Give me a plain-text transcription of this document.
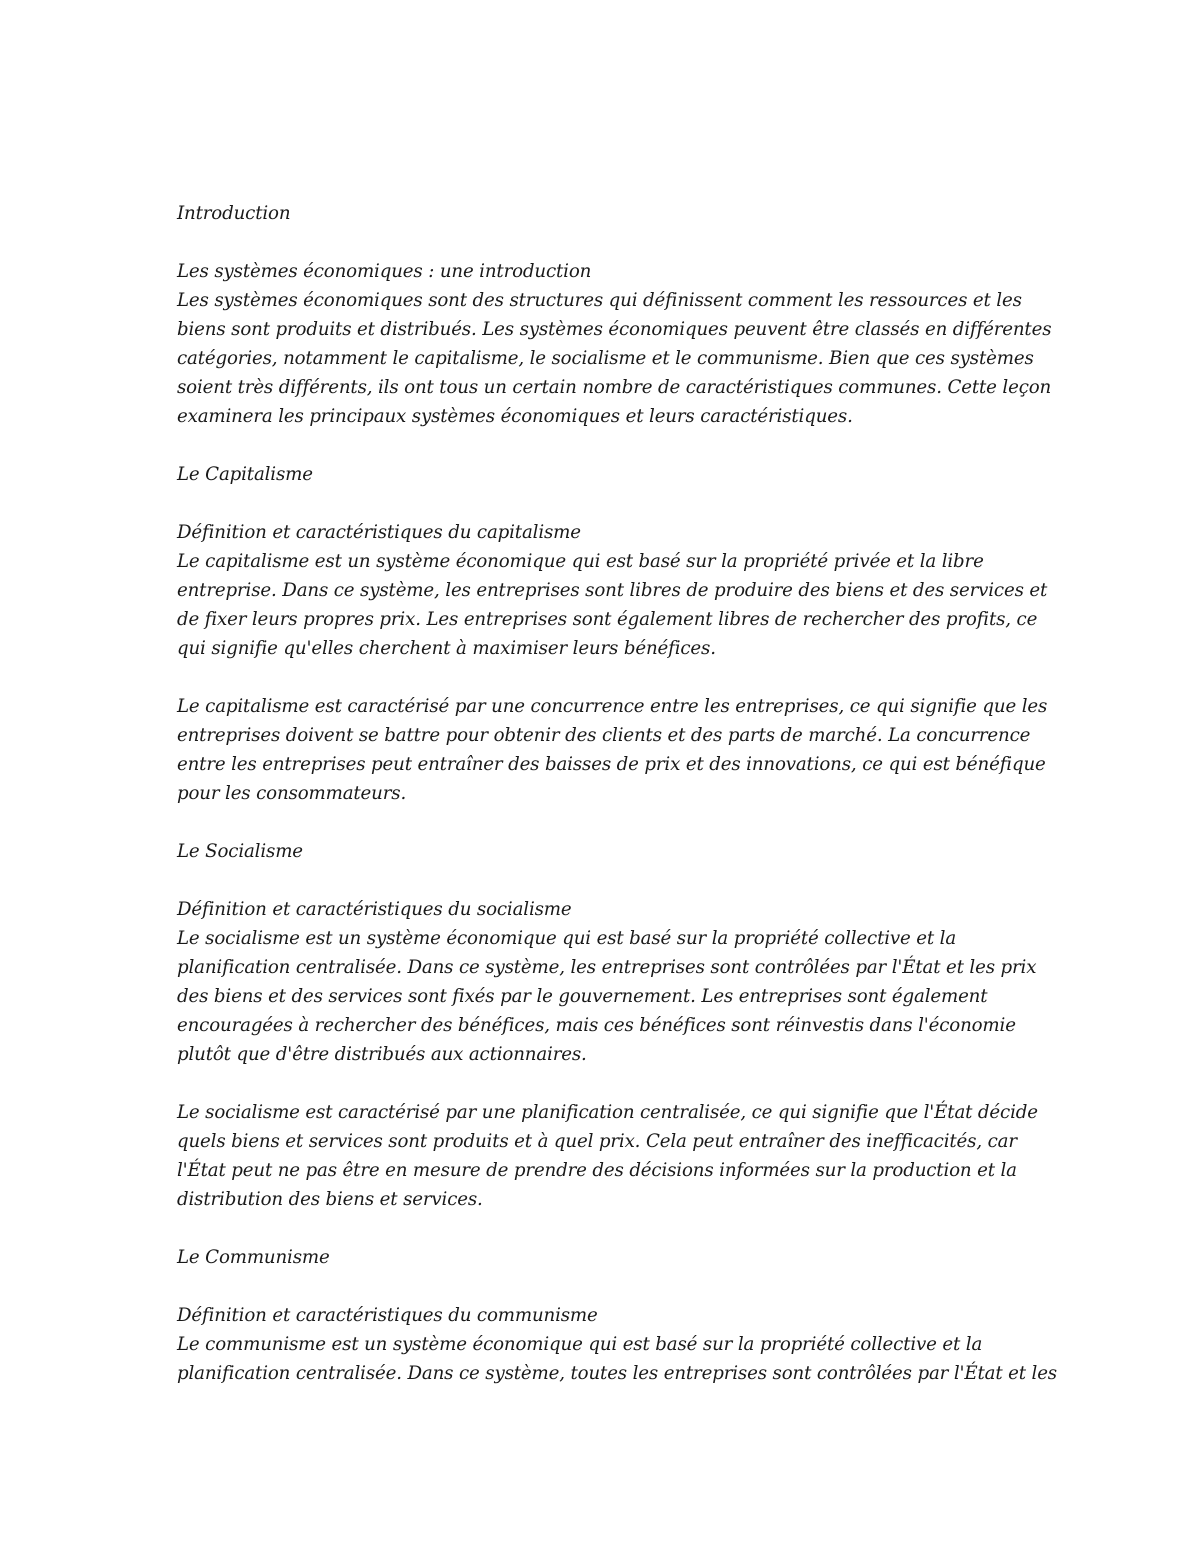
Introduction
Les systèmes économiques : une introduction
Les systèmes économiques sont des structures qui définissent comment les ressources et les
biens sont produits et distribués. Les systèmes économiques peuvent être classés en différentes
catégories, notamment le capitalisme, le socialisme et le communisme. Bien que ces systèmes
soient très différents, ils ont tous un certain nombre de caractéristiques communes. Cette leçon
examinera les principaux systèmes économiques et leurs caractéristiques.
Le Capitalisme
Définition et caractéristiques du capitalisme
Le capitalisme est un système économique qui est basé sur la propriété privée et la libre
entreprise. Dans ce système, les entreprises sont libres de produire des biens et des services et
de fixer leurs propres prix. Les entreprises sont également libres de rechercher des profits, ce
qui signifie qu'elles cherchent à maximiser leurs bénéfices.
Le capitalisme est caractérisé par une concurrence entre les entreprises, ce qui signifie que les
entreprises doivent se battre pour obtenir des clients et des parts de marché. La concurrence
entre les entreprises peut entraîner des baisses de prix et des innovations, ce qui est bénéfique
pour les consommateurs.
Le Socialisme
Définition et caractéristiques du socialisme
Le socialisme est un système économique qui est basé sur la propriété collective et la
planification centralisée. Dans ce système, les entreprises sont contrôlées par l'État et les prix
des biens et des services sont fixés par le gouvernement. Les entreprises sont également
encouragées à rechercher des bénéfices, mais ces bénéfices sont réinvestis dans l'économie
plutôt que d'être distribués aux actionnaires.
Le socialisme est caractérisé par une planification centralisée, ce qui signifie que l'État décide
quels biens et services sont produits et à quel prix. Cela peut entraîner des inefficacités, car
l'État peut ne pas être en mesure de prendre des décisions informées sur la production et la
distribution des biens et services.
Le Communisme
Définition et caractéristiques du communisme
Le communisme est un système économique qui est basé sur la propriété collective et la
planification centralisée. Dans ce système, toutes les entreprises sont contrôlées par l'État et les
